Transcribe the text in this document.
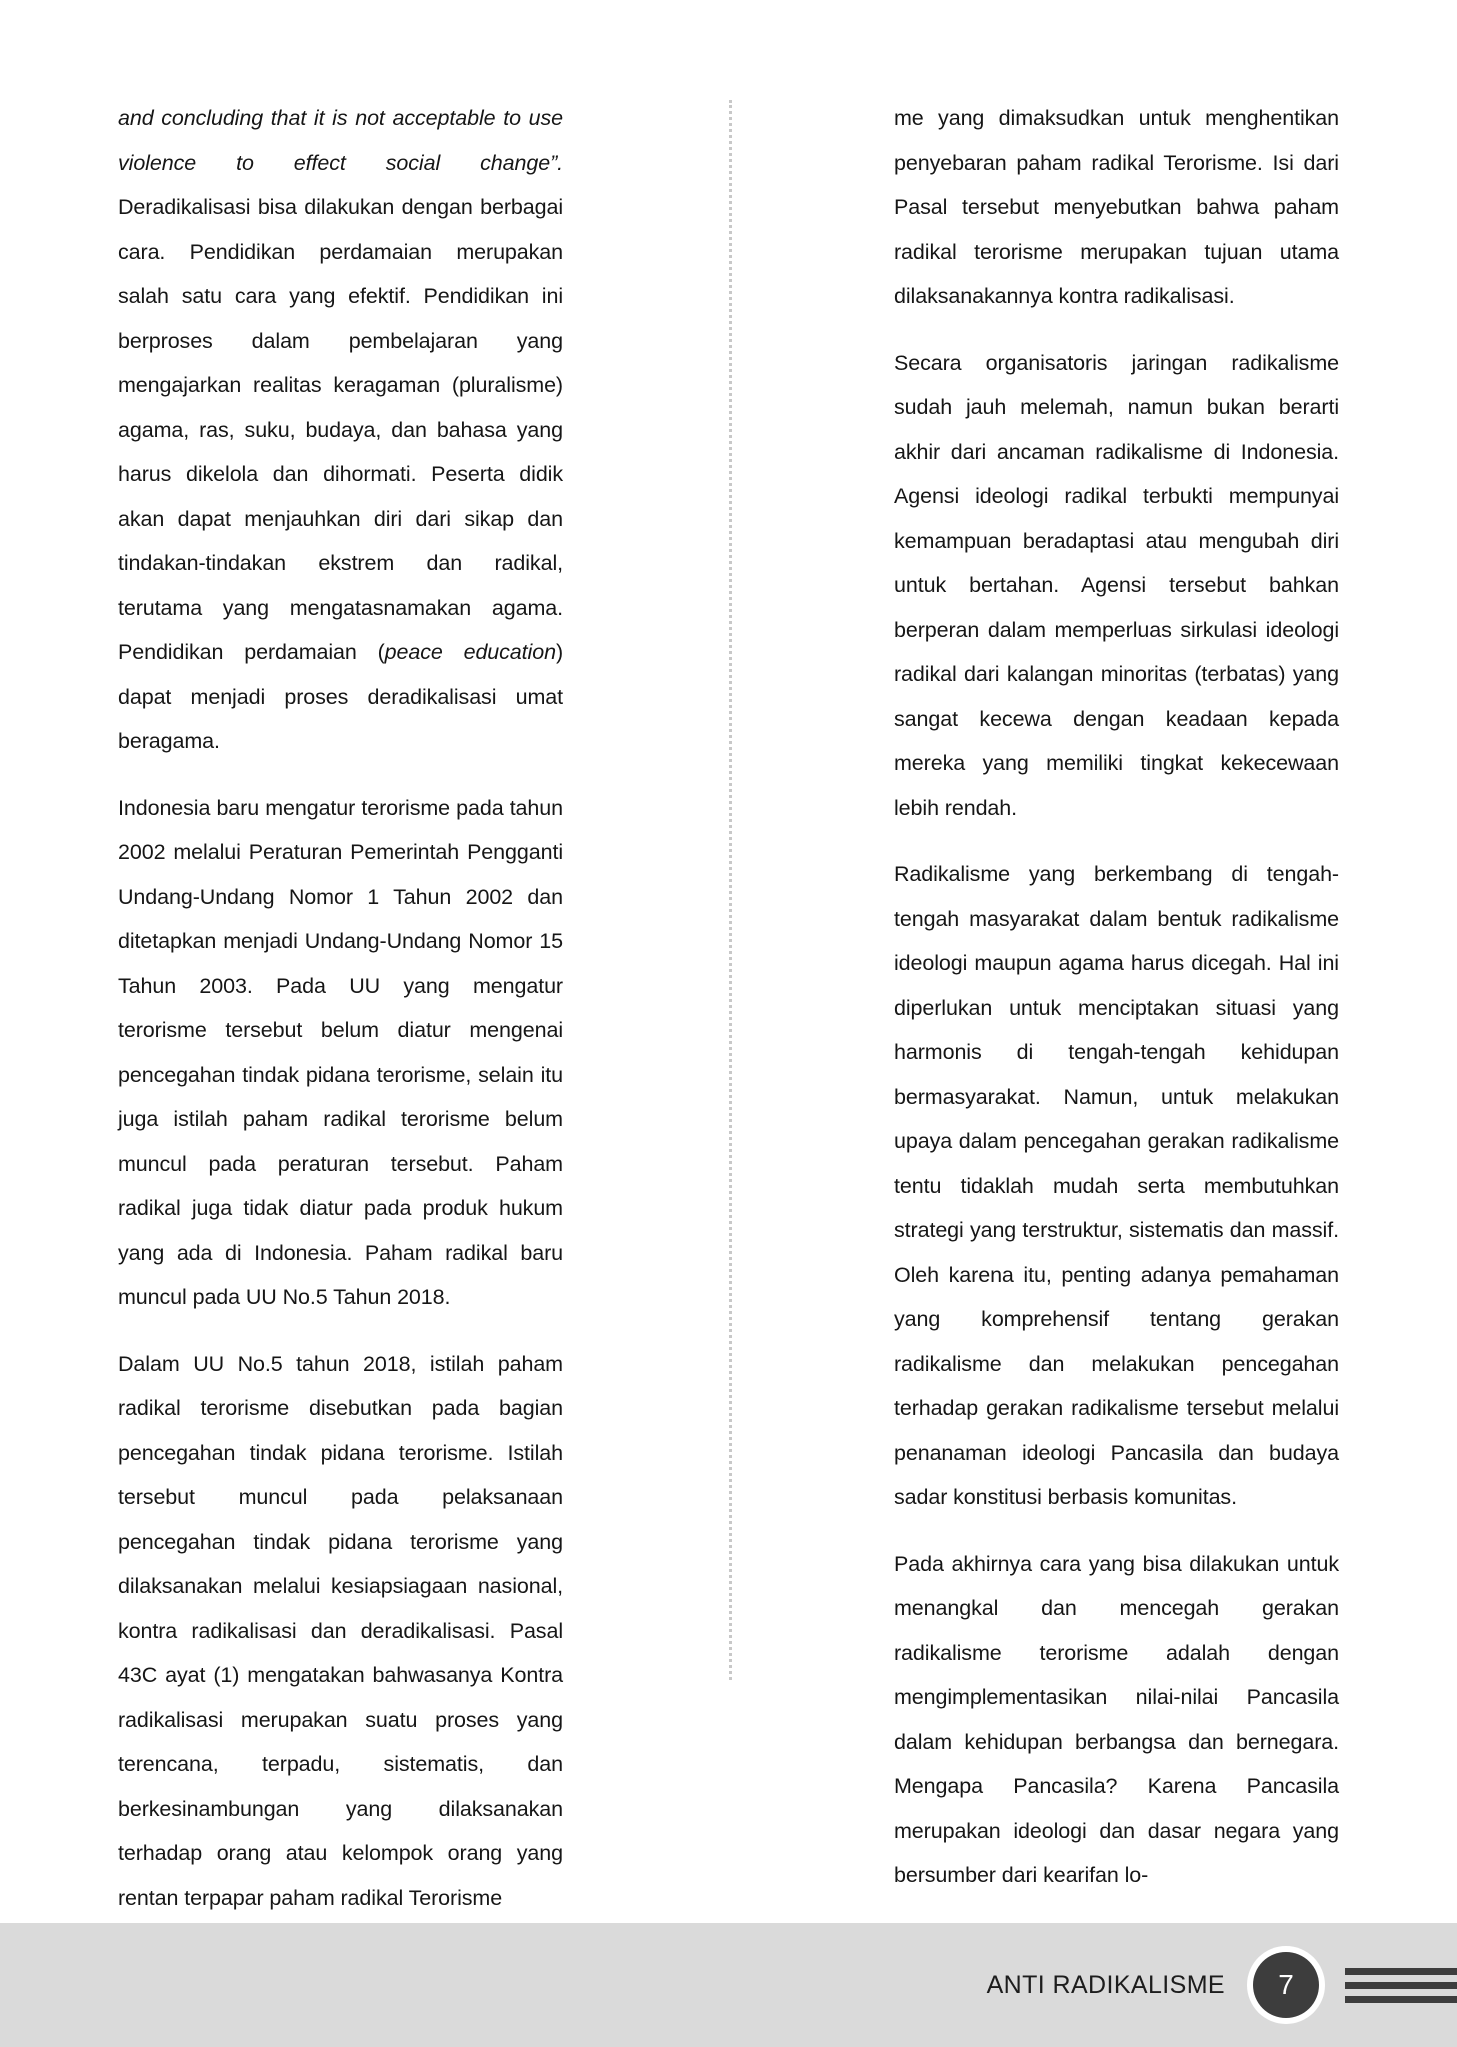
and concluding that it is not acceptable to use violence to effect social change”. Deradikalisasi bisa dilakukan dengan berbagai cara. Pendidikan perdamaian merupakan salah satu cara yang efektif. Pendidikan ini berproses dalam pembelajaran yang mengajarkan realitas keragaman (pluralisme) agama, ras, suku, budaya, dan bahasa yang harus dikelola dan dihormati. Peserta didik akan dapat menjauhkan diri dari sikap dan tindakan-tindakan ekstrem dan radikal, terutama yang mengatasnamakan agama. Pendidikan perdamaian (peace education) dapat menjadi proses deradikalisasi umat beragama.

Indonesia baru mengatur terorisme pada tahun 2002 melalui Peraturan Pemerintah Pengganti Undang-Undang Nomor 1 Tahun 2002 dan ditetapkan menjadi Undang-Undang Nomor 15 Tahun 2003. Pada UU yang mengatur terorisme tersebut belum diatur mengenai pencegahan tindak pidana terorisme, selain itu juga istilah paham radikal terorisme belum muncul pada peraturan tersebut. Paham radikal juga tidak diatur pada produk hukum yang ada di Indonesia. Paham radikal baru muncul pada UU No.5 Tahun 2018.

Dalam UU No.5 tahun 2018, istilah paham radikal terorisme disebutkan pada bagian pencegahan tindak pidana terorisme. Istilah tersebut muncul pada pelaksanaan pencegahan tindak pidana terorisme yang dilaksanakan melalui kesiapsiagaan nasional, kontra radikalisasi dan deradikalisasi. Pasal 43C ayat (1) mengatakan bahwasanya Kontra radikalisasi merupakan suatu proses yang terencana, terpadu, sistematis, dan berkesinambungan yang dilaksanakan terhadap orang atau kelompok orang yang rentan terpapar paham radikal Terorisme

me yang dimaksudkan untuk menghentikan penyebaran paham radikal Terorisme. Isi dari Pasal tersebut menyebutkan bahwa paham radikal terorisme merupakan tujuan utama dilaksanakannya kontra radikalisasi.

Secara organisatoris jaringan radikalisme sudah jauh melemah, namun bukan berarti akhir dari ancaman radikalisme di Indonesia. Agensi ideologi radikal terbukti mempunyai kemampuan beradaptasi atau mengubah diri untuk bertahan. Agensi tersebut bahkan berperan dalam memperluas sirkulasi ideologi radikal dari kalangan minoritas (terbatas) yang sangat kecewa dengan keadaan kepada mereka yang memiliki tingkat kekecewaan lebih rendah.

Radikalisme yang berkembang di tengah-tengah masyarakat dalam bentuk radikalisme ideologi maupun agama harus dicegah. Hal ini diperlukan untuk menciptakan situasi yang harmonis di tengah-tengah kehidupan bermasyarakat. Namun, untuk melakukan upaya dalam pencegahan gerakan radikalisme tentu tidaklah mudah serta membutuhkan strategi yang terstruktur, sistematis dan massif. Oleh karena itu, penting adanya pemahaman yang komprehensif tentang gerakan radikalisme dan melakukan pencegahan terhadap gerakan radikalisme tersebut melalui penanaman ideologi Pancasila dan budaya sadar konstitusi berbasis komunitas.

Pada akhirnya cara yang bisa dilakukan untuk menangkal dan mencegah gerakan radikalisme terorisme adalah dengan mengimplementasikan nilai-nilai Pancasila dalam kehidupan berbangsa dan bernegara. Mengapa Pancasila? Karena Pancasila merupakan ideologi dan dasar negara yang bersumber dari kearifan lo-

ANTI RADIKALISME	7
